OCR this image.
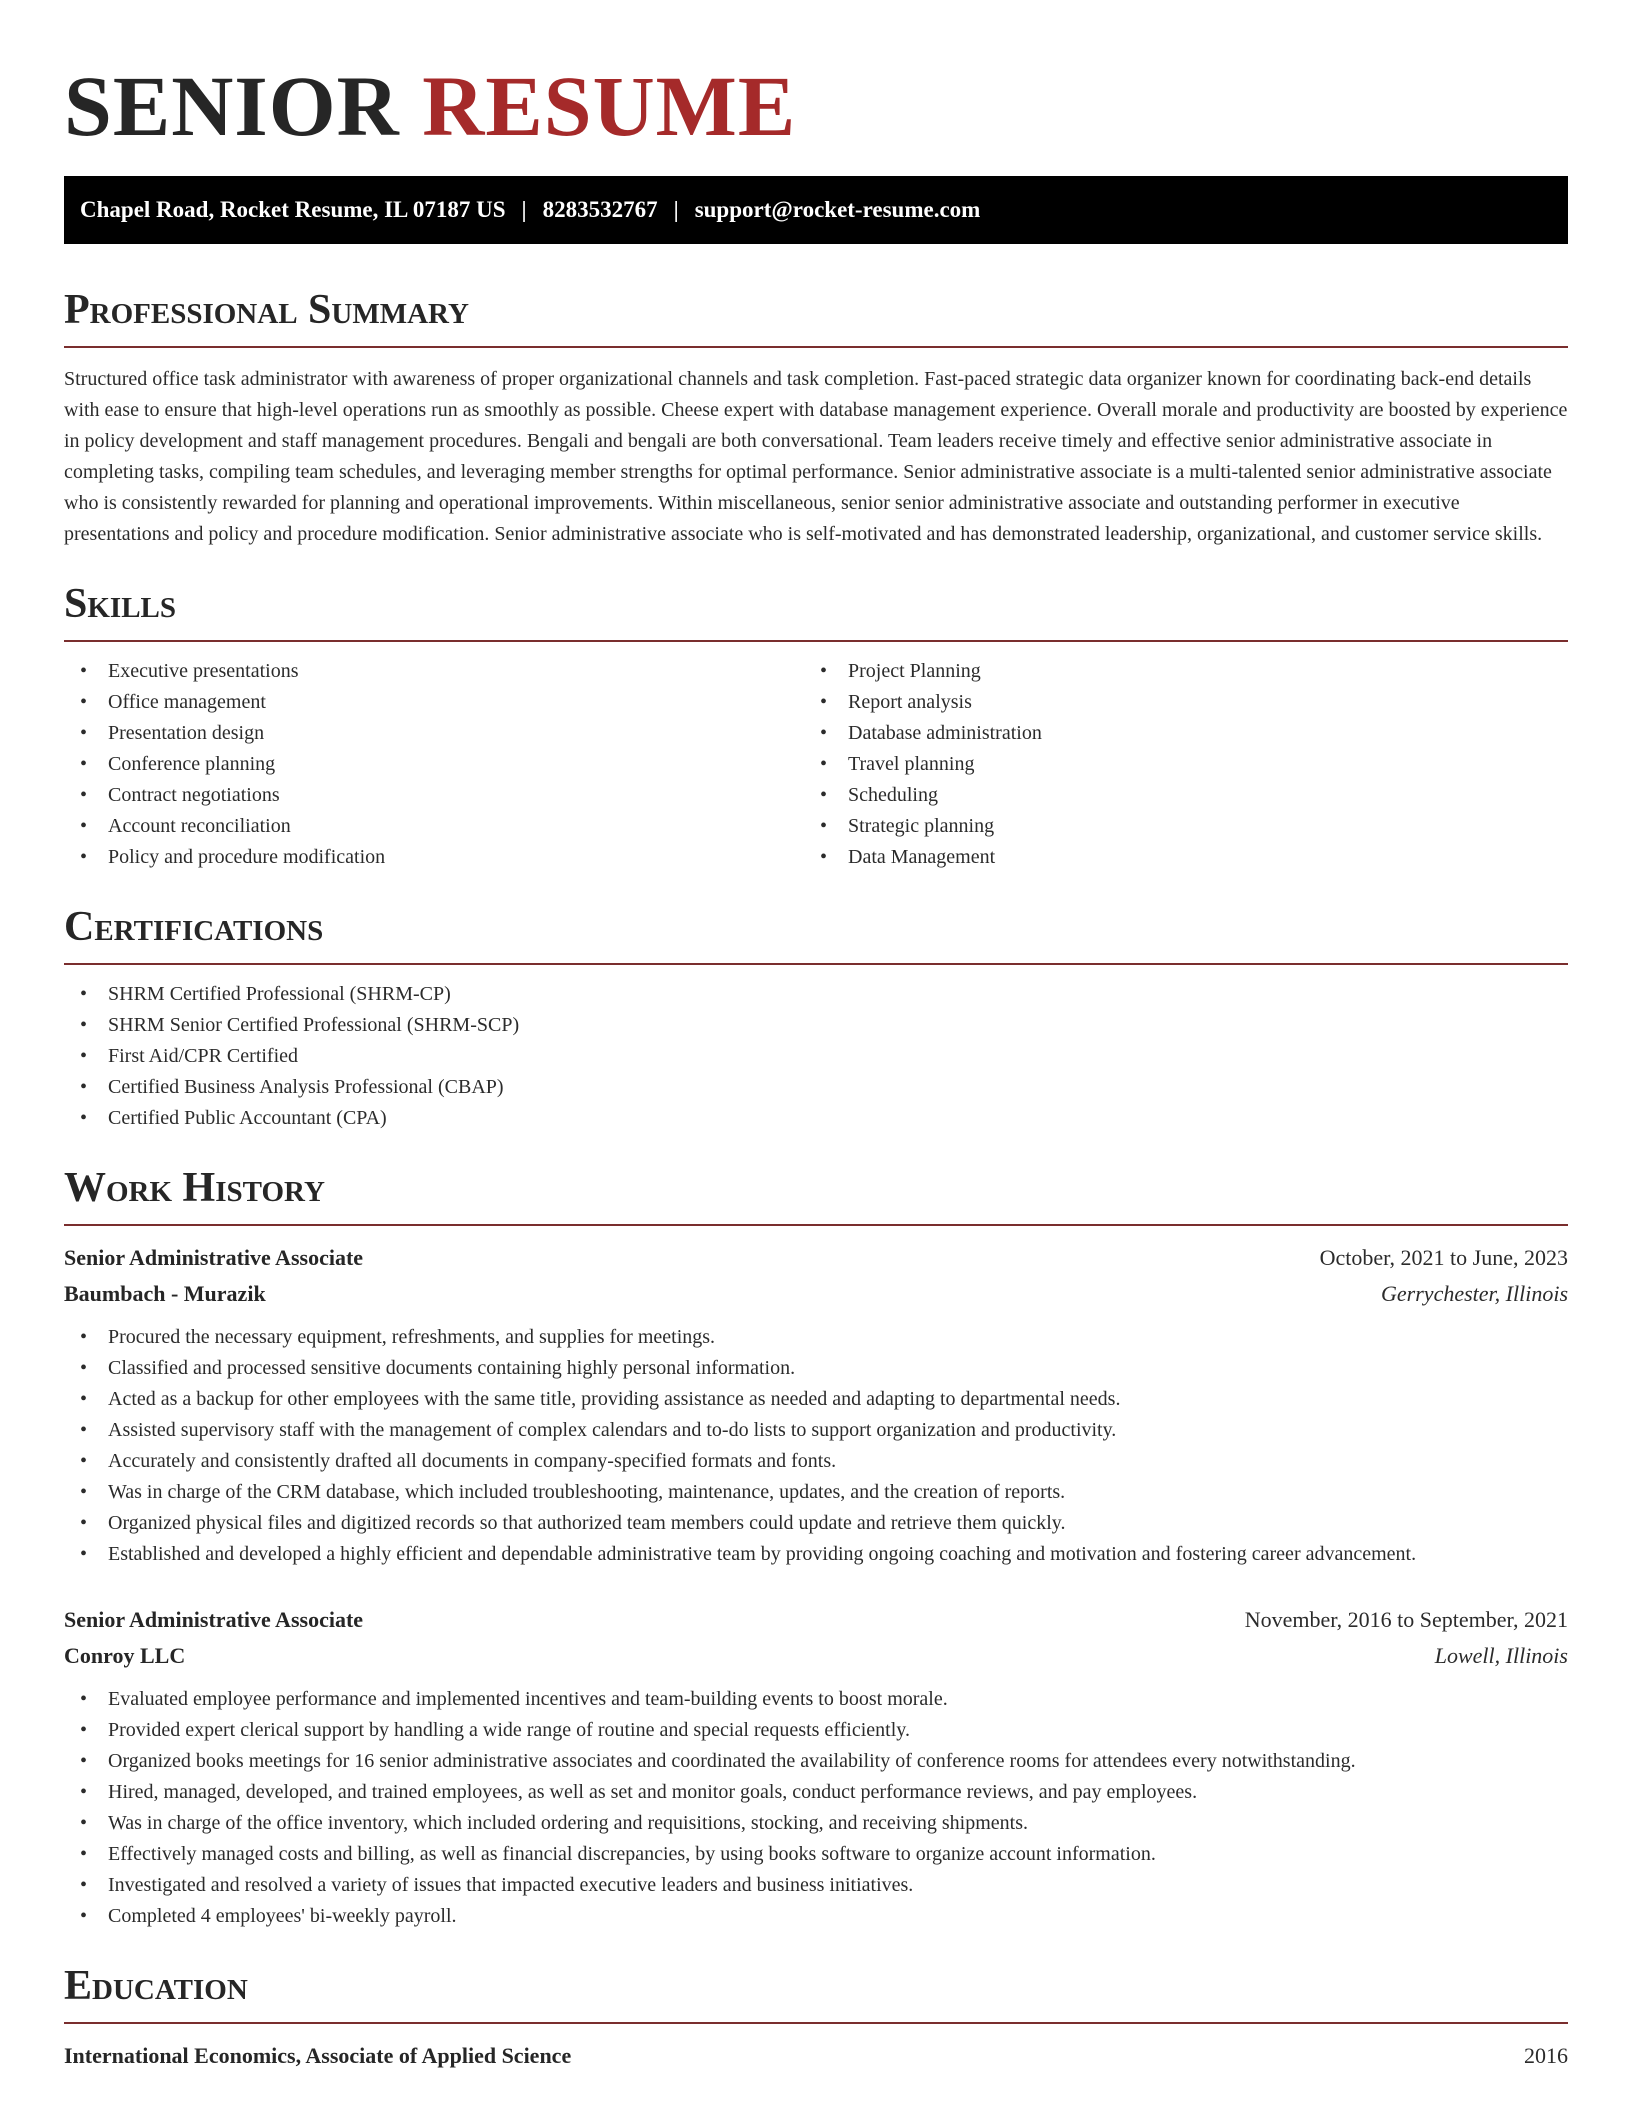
SENIOR RESUME
Chapel Road, Rocket Resume, IL 07187 US | 8283532767 | support@rocket-resume.com
Professional Summary

Structured office task administrator with awareness of proper organizational channels and task completion. Fast-paced strategic data organizer known for coordinating back-end details with ease to ensure that high-level operations run as smoothly as possible. Cheese expert with database management experience. Overall morale and productivity are boosted by experience in policy development and staff management procedures. Bengali and bengali are both conversational. Team leaders receive timely and effective senior administrative associate in completing tasks, compiling team schedules, and leveraging member strengths for optimal performance. Senior administrative associate is a multi-talented senior administrative associate who is consistently rewarded for planning and operational improvements. Within miscellaneous, senior senior administrative associate and outstanding performer in executive presentations and policy and procedure modification. Senior administrative associate who is self-motivated and has demonstrated leadership, organizational, and customer service skills.

Skills
• Executive presentations
• Office management
• Presentation design
• Conference planning
• Contract negotiations
• Account reconciliation
• Policy and procedure modification
• Project Planning
• Report analysis
• Database administration
• Travel planning
• Scheduling
• Strategic planning
• Data Management
Certifications
• SHRM Certified Professional (SHRM-CP)
• SHRM Senior Certified Professional (SHRM-SCP)
• First Aid/CPR Certified
• Certified Business Analysis Professional (CBAP)
• Certified Public Accountant (CPA)
Work History
Senior Administrative Associate	October, 2021 to June, 2023
Baumbach - Murazik	Gerrychester, Illinois
• Procured the necessary equipment, refreshments, and supplies for meetings.
• Classified and processed sensitive documents containing highly personal information.
• Acted as a backup for other employees with the same title, providing assistance as needed and adapting to departmental needs.
• Assisted supervisory staff with the management of complex calendars and to-do lists to support organization and productivity.
• Accurately and consistently drafted all documents in company-specified formats and fonts.
• Was in charge of the CRM database, which included troubleshooting, maintenance, updates, and the creation of reports.
• Organized physical files and digitized records so that authorized team members could update and retrieve them quickly.
• Established and developed a highly efficient and dependable administrative team by providing ongoing coaching and motivation and fostering career advancement.
Senior Administrative Associate	November, 2016 to September, 2021
Conroy LLC	Lowell, Illinois
• Evaluated employee performance and implemented incentives and team-building events to boost morale.
• Provided expert clerical support by handling a wide range of routine and special requests efficiently.
• Organized books meetings for 16 senior administrative associates and coordinated the availability of conference rooms for attendees every notwithstanding.
• Hired, managed, developed, and trained employees, as well as set and monitor goals, conduct performance reviews, and pay employees.
• Was in charge of the office inventory, which included ordering and requisitions, stocking, and receiving shipments.
• Effectively managed costs and billing, as well as financial discrepancies, by using books software to organize account information.
• Investigated and resolved a variety of issues that impacted executive leaders and business initiatives.
• Completed 4 employees' bi-weekly payroll.
Education
International Economics, Associate of Applied Science	2016
